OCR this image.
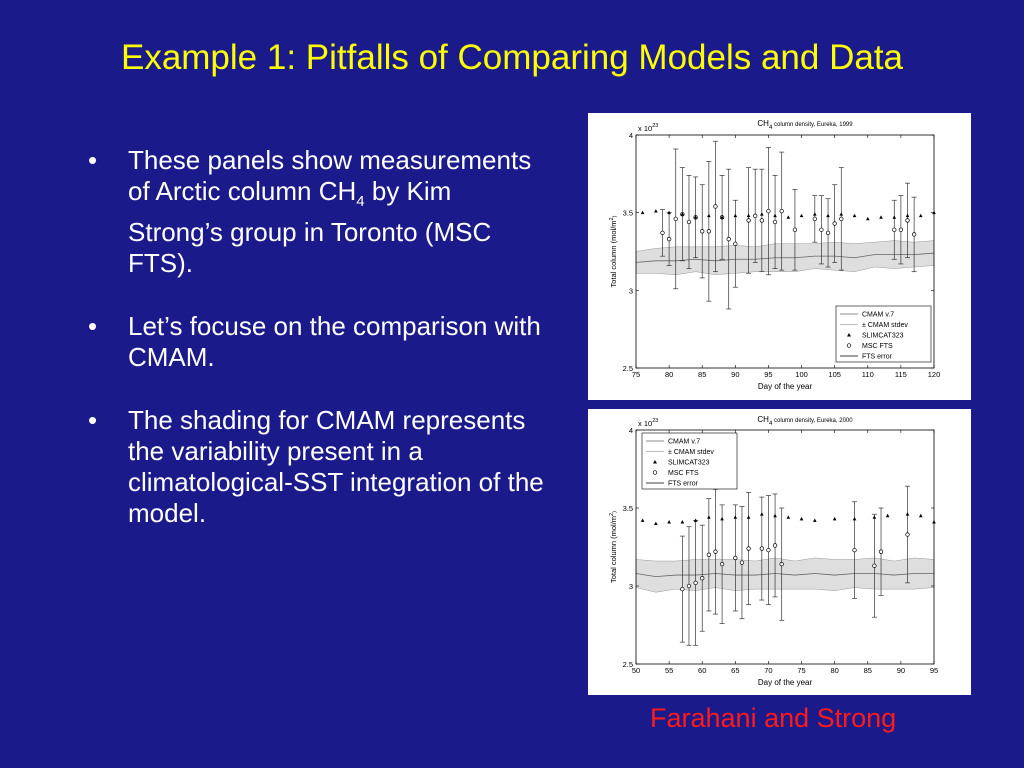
Example 1: Pitfalls of Comparing Models and Data
• These panels show measurements of Arctic column $CH_4$ by Kim Strong’s group in Toronto (MSC FTS).
• Let’s focuse on the comparison with CMAM.
• The shading for CMAM represents the variability present in a climatological-SST integration of the model.
$CH_4$ $^{column density, Eureka, 1999}$
x $10^{23}$
Total column ($mol/m^2_)$
Day of the year
75	80	85	90	95	100	105	110	115	120
2.5
3
3.5
4
CMAM v.7
± CMAM stdev
SLIMCAT323
MSC FTS
FTS error
$CH_4$ $^{column density, Eureka, 2000}$
x $10^{23}$
Total column ($mol/m^2_)$
Day of the year
50	55	60	65	70	75	80	85	90	95
2.5
3
3.5
4
CMAM v.7
± CMAM stdev
SLIMCAT323
MSC FTS
FTS error
Farahani and Strong
